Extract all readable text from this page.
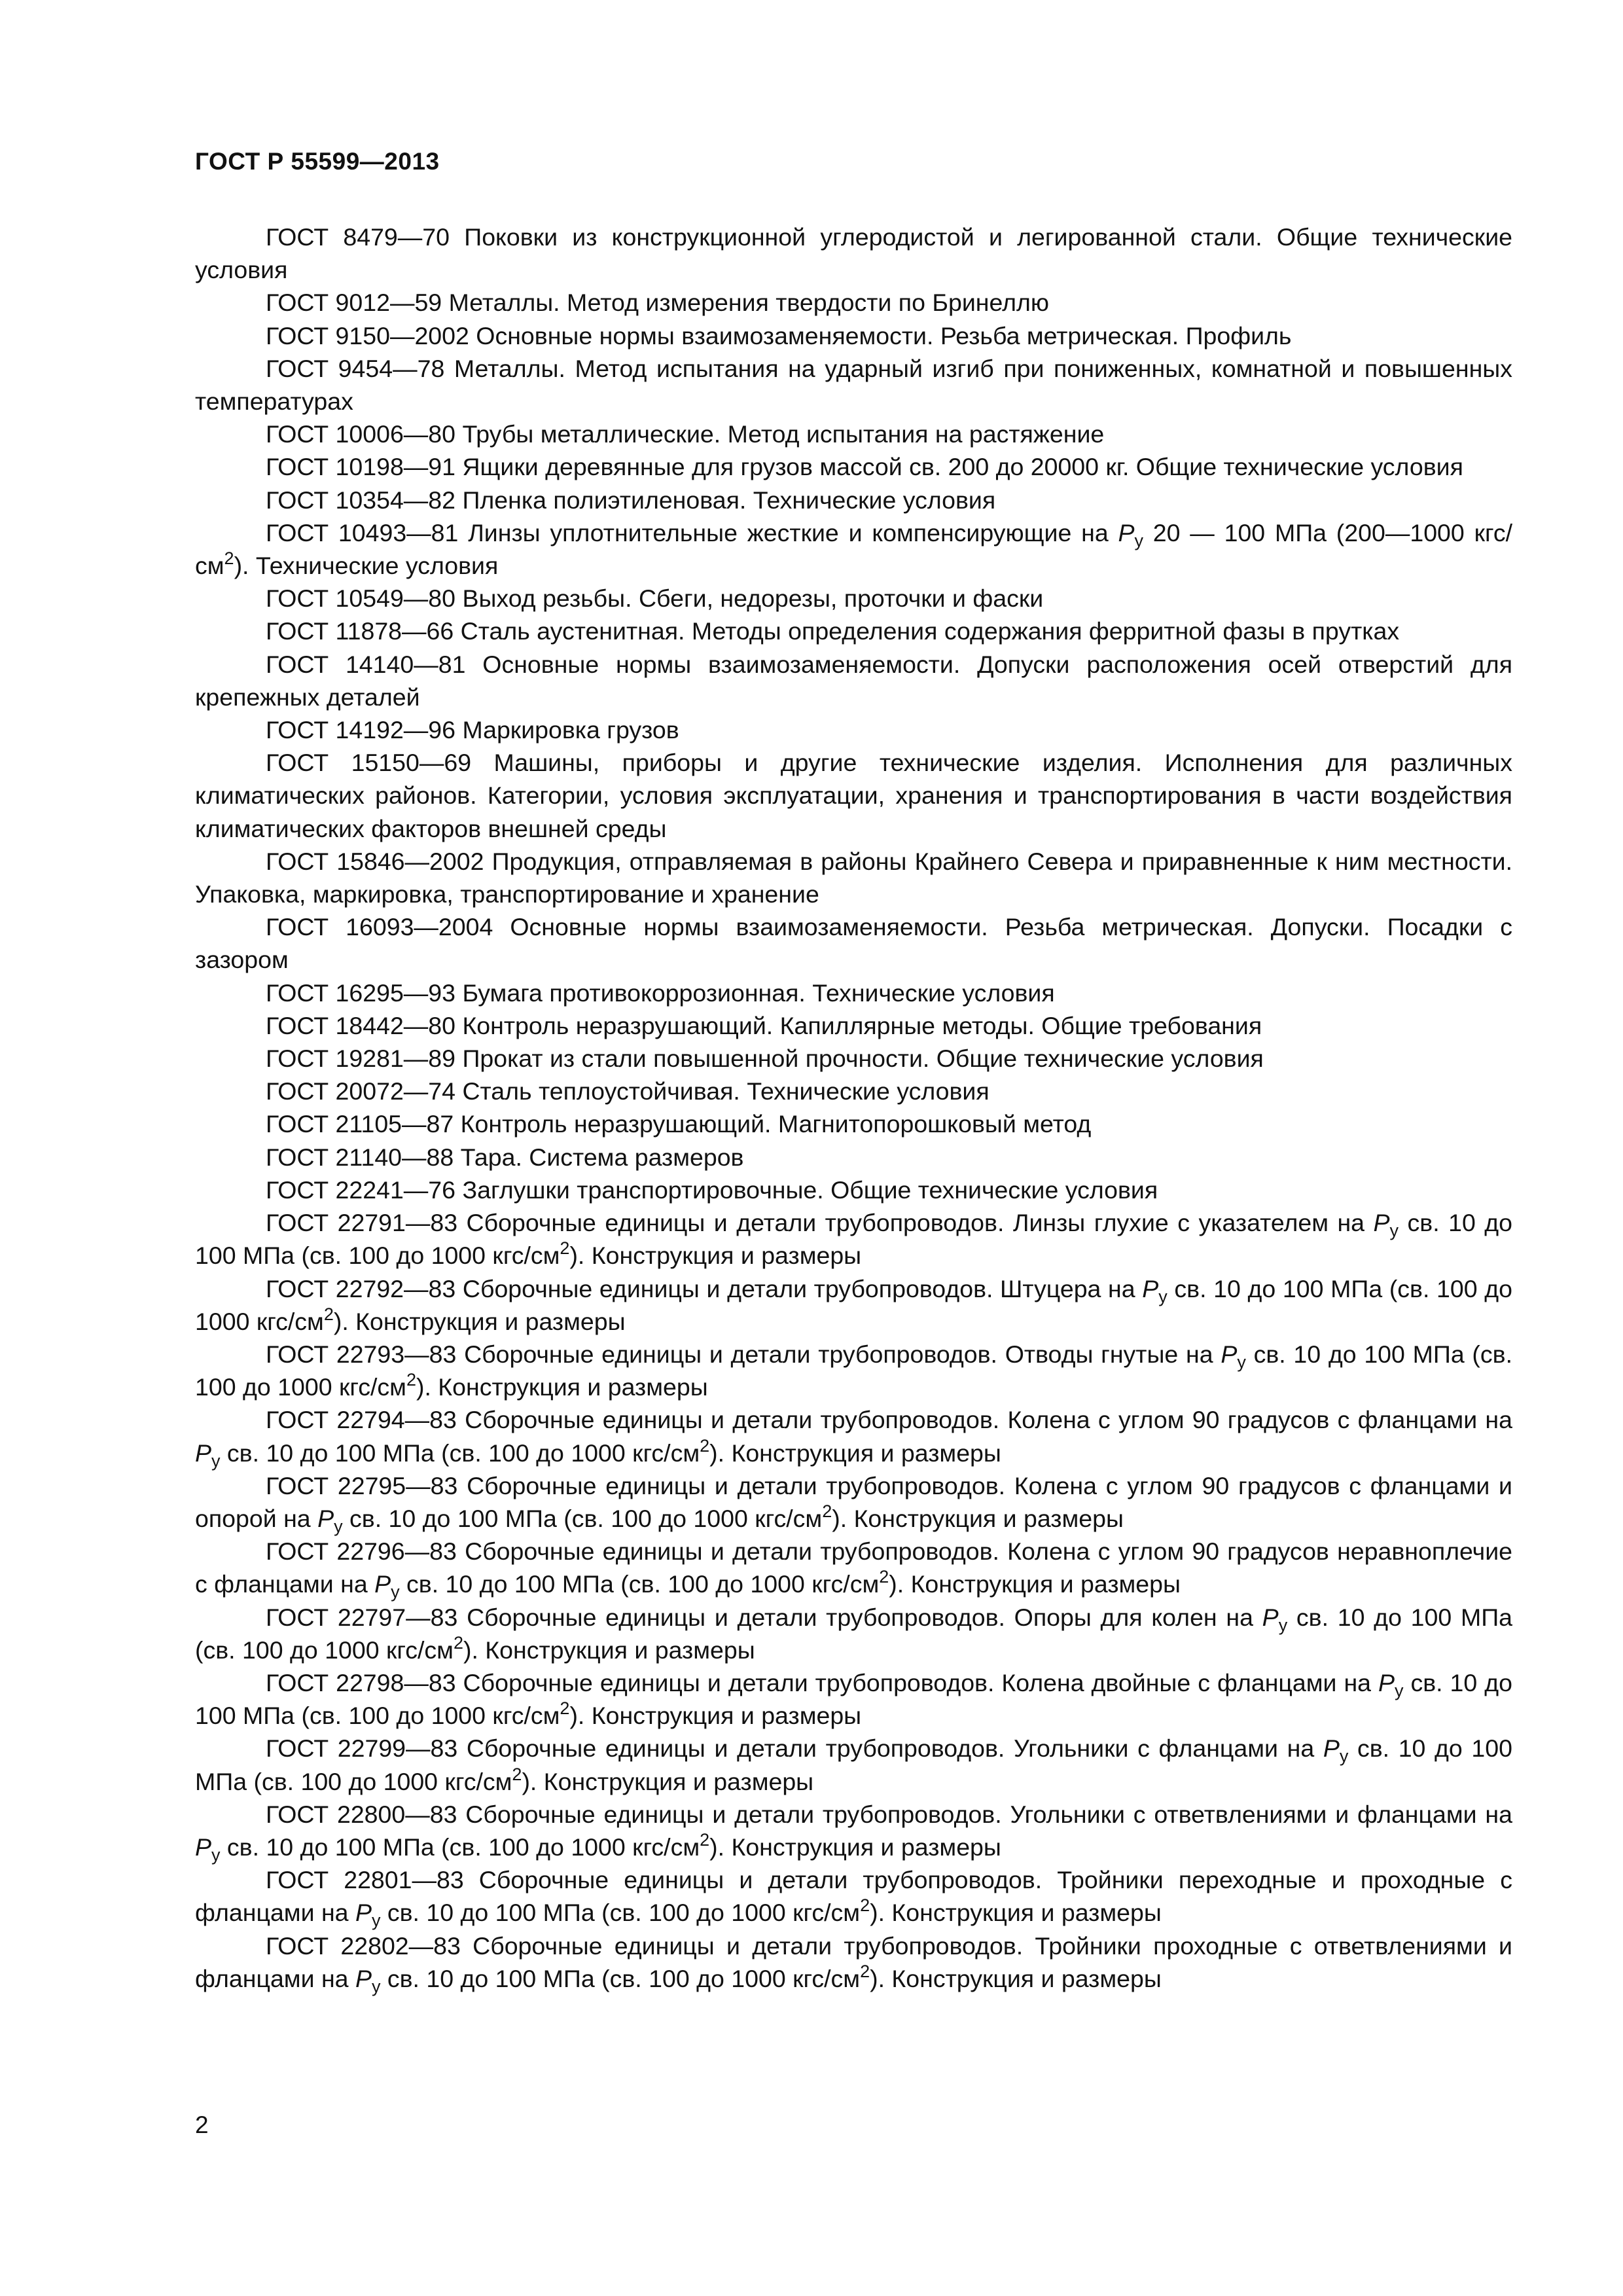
ГОСТ Р 55599—2013

ГОСТ 8479—70 Поковки из конструкционной углеродистой и легированной стали. Общие технические условия

ГОСТ 9012—59 Металлы. Метод измерения твердости по Бринеллю

ГОСТ 9150—2002 Основные нормы взаимозаменяемости. Резьба метрическая. Профиль

ГОСТ 9454—78 Металлы. Метод испытания на ударный изгиб при пониженных, комнатной и повышенных температурах

ГОСТ 10006—80 Трубы металлические. Метод испытания на растяжение

ГОСТ 10198—91 Ящики деревянные для грузов массой св. 200 до 20000 кг. Общие технические условия

ГОСТ 10354—82 Пленка полиэтиленовая. Технические условия

ГОСТ 10493—81 Линзы уплотнительные жесткие и компенсирующие на $P_у$ 20 — 100 МПа (200—1000 кгс/$см^2$). Технические условия

ГОСТ 10549—80 Выход резьбы. Сбеги, недорезы, проточки и фаски

ГОСТ 11878—66 Сталь аустенитная. Методы определения содержания ферритной фазы в прутках

ГОСТ 14140—81 Основные нормы взаимозаменяемости. Допуски расположения осей отверстий для крепежных деталей

ГОСТ 14192—96 Маркировка грузов

ГОСТ 15150—69 Машины, приборы и другие технические изделия. Исполнения для различных климатических районов. Категории, условия эксплуатации, хранения и транспортирования в части воздействия климатических факторов внешней среды

ГОСТ 15846—2002 Продукция, отправляемая в районы Крайнего Севера и приравненные к ним местности. Упаковка, маркировка, транспортирование и хранение

ГОСТ 16093—2004 Основные нормы взаимозаменяемости. Резьба метрическая. Допуски. Посадки с зазором

ГОСТ 16295—93 Бумага противокоррозионная. Технические условия

ГОСТ 18442—80 Контроль неразрушающий. Капиллярные методы. Общие требования

ГОСТ 19281—89 Прокат из стали повышенной прочности. Общие технические условия

ГОСТ 20072—74 Сталь теплоустойчивая. Технические условия

ГОСТ 21105—87 Контроль неразрушающий. Магнитопорошковый метод

ГОСТ 21140—88 Тара. Система размеров

ГОСТ 22241—76 Заглушки транспортировочные. Общие технические условия

ГОСТ 22791—83 Сборочные единицы и детали трубопроводов. Линзы глухие с указателем на $P_у$ св. 10 до 100 МПа (св. 100 до 1000 кгс/$см^2$). Конструкция и размеры

ГОСТ 22792—83 Сборочные единицы и детали трубопроводов. Штуцера на $P_у$ св. 10 до 100 МПа (св. 100 до 1000 кгс/$см^2$). Конструкция и размеры

ГОСТ 22793—83 Сборочные единицы и детали трубопроводов. Отводы гнутые на $P_у$ св. 10 до 100 МПа (св. 100 до 1000 кгс/$см^2$). Конструкция и размеры

ГОСТ 22794—83 Сборочные единицы и детали трубопроводов. Колена с углом 90 градусов с фланцами на $P_у$ св. 10 до 100 МПа (св. 100 до 1000 кгс/$см^2$). Конструкция и размеры

ГОСТ 22795—83 Сборочные единицы и детали трубопроводов. Колена с углом 90 градусов с фланцами и опорой на $P_у$ св. 10 до 100 МПа (св. 100 до 1000 кгс/$см^2$). Конструкция и размеры

ГОСТ 22796—83 Сборочные единицы и детали трубопроводов. Колена с углом 90 градусов неравноплечие с фланцами на $P_у$ св. 10 до 100 МПа (св. 100 до 1000 кгс/$см^2$). Конструкция и размеры

ГОСТ 22797—83 Сборочные единицы и детали трубопроводов. Опоры для колен на $P_у$ св. 10 до 100 МПа (св. 100 до 1000 кгс/$см^2$). Конструкция и размеры

ГОСТ 22798—83 Сборочные единицы и детали трубопроводов. Колена двойные с фланцами на $P_у$ св. 10 до 100 МПа (св. 100 до 1000 кгс/$см^2$). Конструкция и размеры

ГОСТ 22799—83 Сборочные единицы и детали трубопроводов. Угольники с фланцами на $P_у$ св. 10 до 100 МПа (св. 100 до 1000 кгс/$см^2$). Конструкция и размеры

ГОСТ 22800—83 Сборочные единицы и детали трубопроводов. Угольники с ответвлениями и фланцами на $P_у$ св. 10 до 100 МПа (св. 100 до 1000 кгс/$см^2$). Конструкция и размеры

ГОСТ 22801—83 Сборочные единицы и детали трубопроводов. Тройники переходные и проходные с фланцами на $P_у$ св. 10 до 100 МПа (св. 100 до 1000 кгс/$см^2$). Конструкция и размеры

ГОСТ 22802—83 Сборочные единицы и детали трубопроводов. Тройники проходные с ответвлениями и фланцами на $P_у$ св. 10 до 100 МПа (св. 100 до 1000 кгс/$см^2$). Конструкция и размеры

2
